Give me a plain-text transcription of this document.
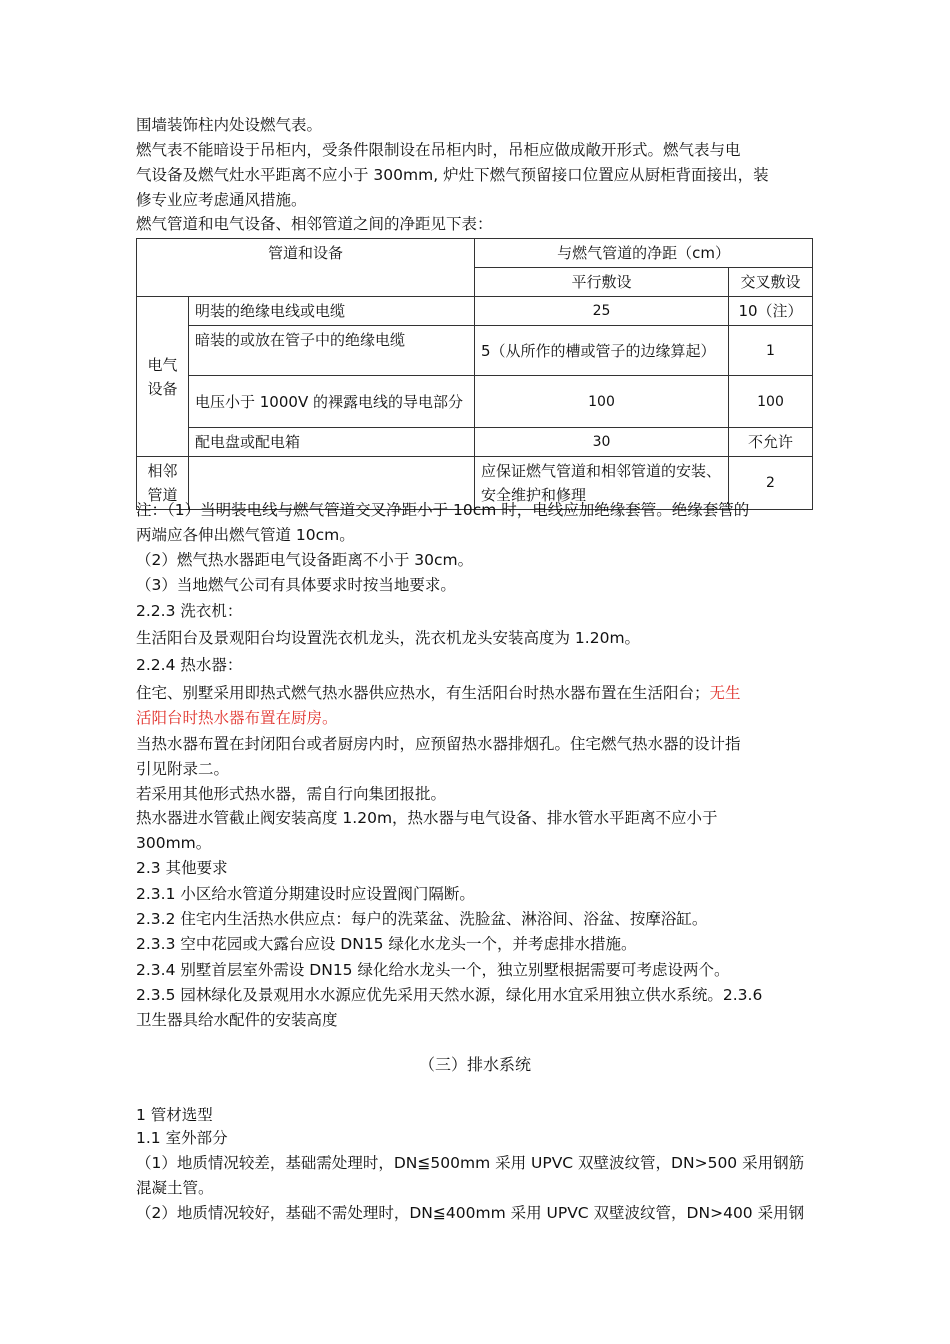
围墙装饰柱内处设燃气表。
燃气表不能暗设于吊柜内，受条件限制设在吊柜内时，吊柜应做成敞开形式。燃气表与电
气设备及燃气灶水平距离不应小于 300mm, 炉灶下燃气预留接口位置应从厨柜背面接出，装
修专业应考虑通风措施。
燃气管道和电气设备、相邻管道之间的净距见下表：
管道和设备		与燃气管道的净距（cm）	
		平行敷设	交叉敷设
电气设备	明装的绝缘电线或电缆	25	10（注）
	暗装的或放在管子中的绝缘电缆	5（从所作的槽或管子的边缘算起）	1
	电压小于 1000V 的裸露电线的导电部分	100	100
	配电盘或配电箱	30	不允许
相邻管道		应保证燃气管道和相邻管道的安装、安全维护和修理	2
注：（1）当明装电线与燃气管道交叉净距小于 10cm 时，电线应加绝缘套管。绝缘套管的
两端应各伸出燃气管道 10cm。
（2）燃气热水器距电气设备距离不小于 30cm。
（3）当地燃气公司有具体要求时按当地要求。
2.2.3 洗衣机：
生活阳台及景观阳台均设置洗衣机龙头，洗衣机龙头安装高度为 1.20m。
2.2.4 热水器：
住宅、别墅采用即热式燃气热水器供应热水，有生活阳台时热水器布置在生活阳台；无生
活阳台时热水器布置在厨房。
当热水器布置在封闭阳台或者厨房内时，应预留热水器排烟孔。住宅燃气热水器的设计指
引见附录二。
若采用其他形式热水器，需自行向集团报批。
热水器进水管截止阀安装高度 1.20m，热水器与电气设备、排水管水平距离不应小于
300mm。
2.3 其他要求
2.3.1 小区给水管道分期建设时应设置阀门隔断。
2.3.2 住宅内生活热水供应点：每户的洗菜盆、洗脸盆、淋浴间、浴盆、按摩浴缸。
2.3.3 空中花园或大露台应设 DN15 绿化水龙头一个，并考虑排水措施。
2.3.4 别墅首层室外需设 DN15 绿化给水龙头一个，独立别墅根据需要可考虑设两个。
2.3.5 园林绿化及景观用水水源应优先采用天然水源，绿化用水宜采用独立供水系统。2.3.6
卫生器具给水配件的安装高度
（三）排水系统
1 管材选型
1.1 室外部分
（1）地质情况较差，基础需处理时，DN≦500mm 采用 UPVC 双壁波纹管，DN>500 采用钢筋
混凝土管。
（2）地质情况较好，基础不需处理时，DN≦400mm 采用 UPVC 双壁波纹管，DN>400 采用钢
